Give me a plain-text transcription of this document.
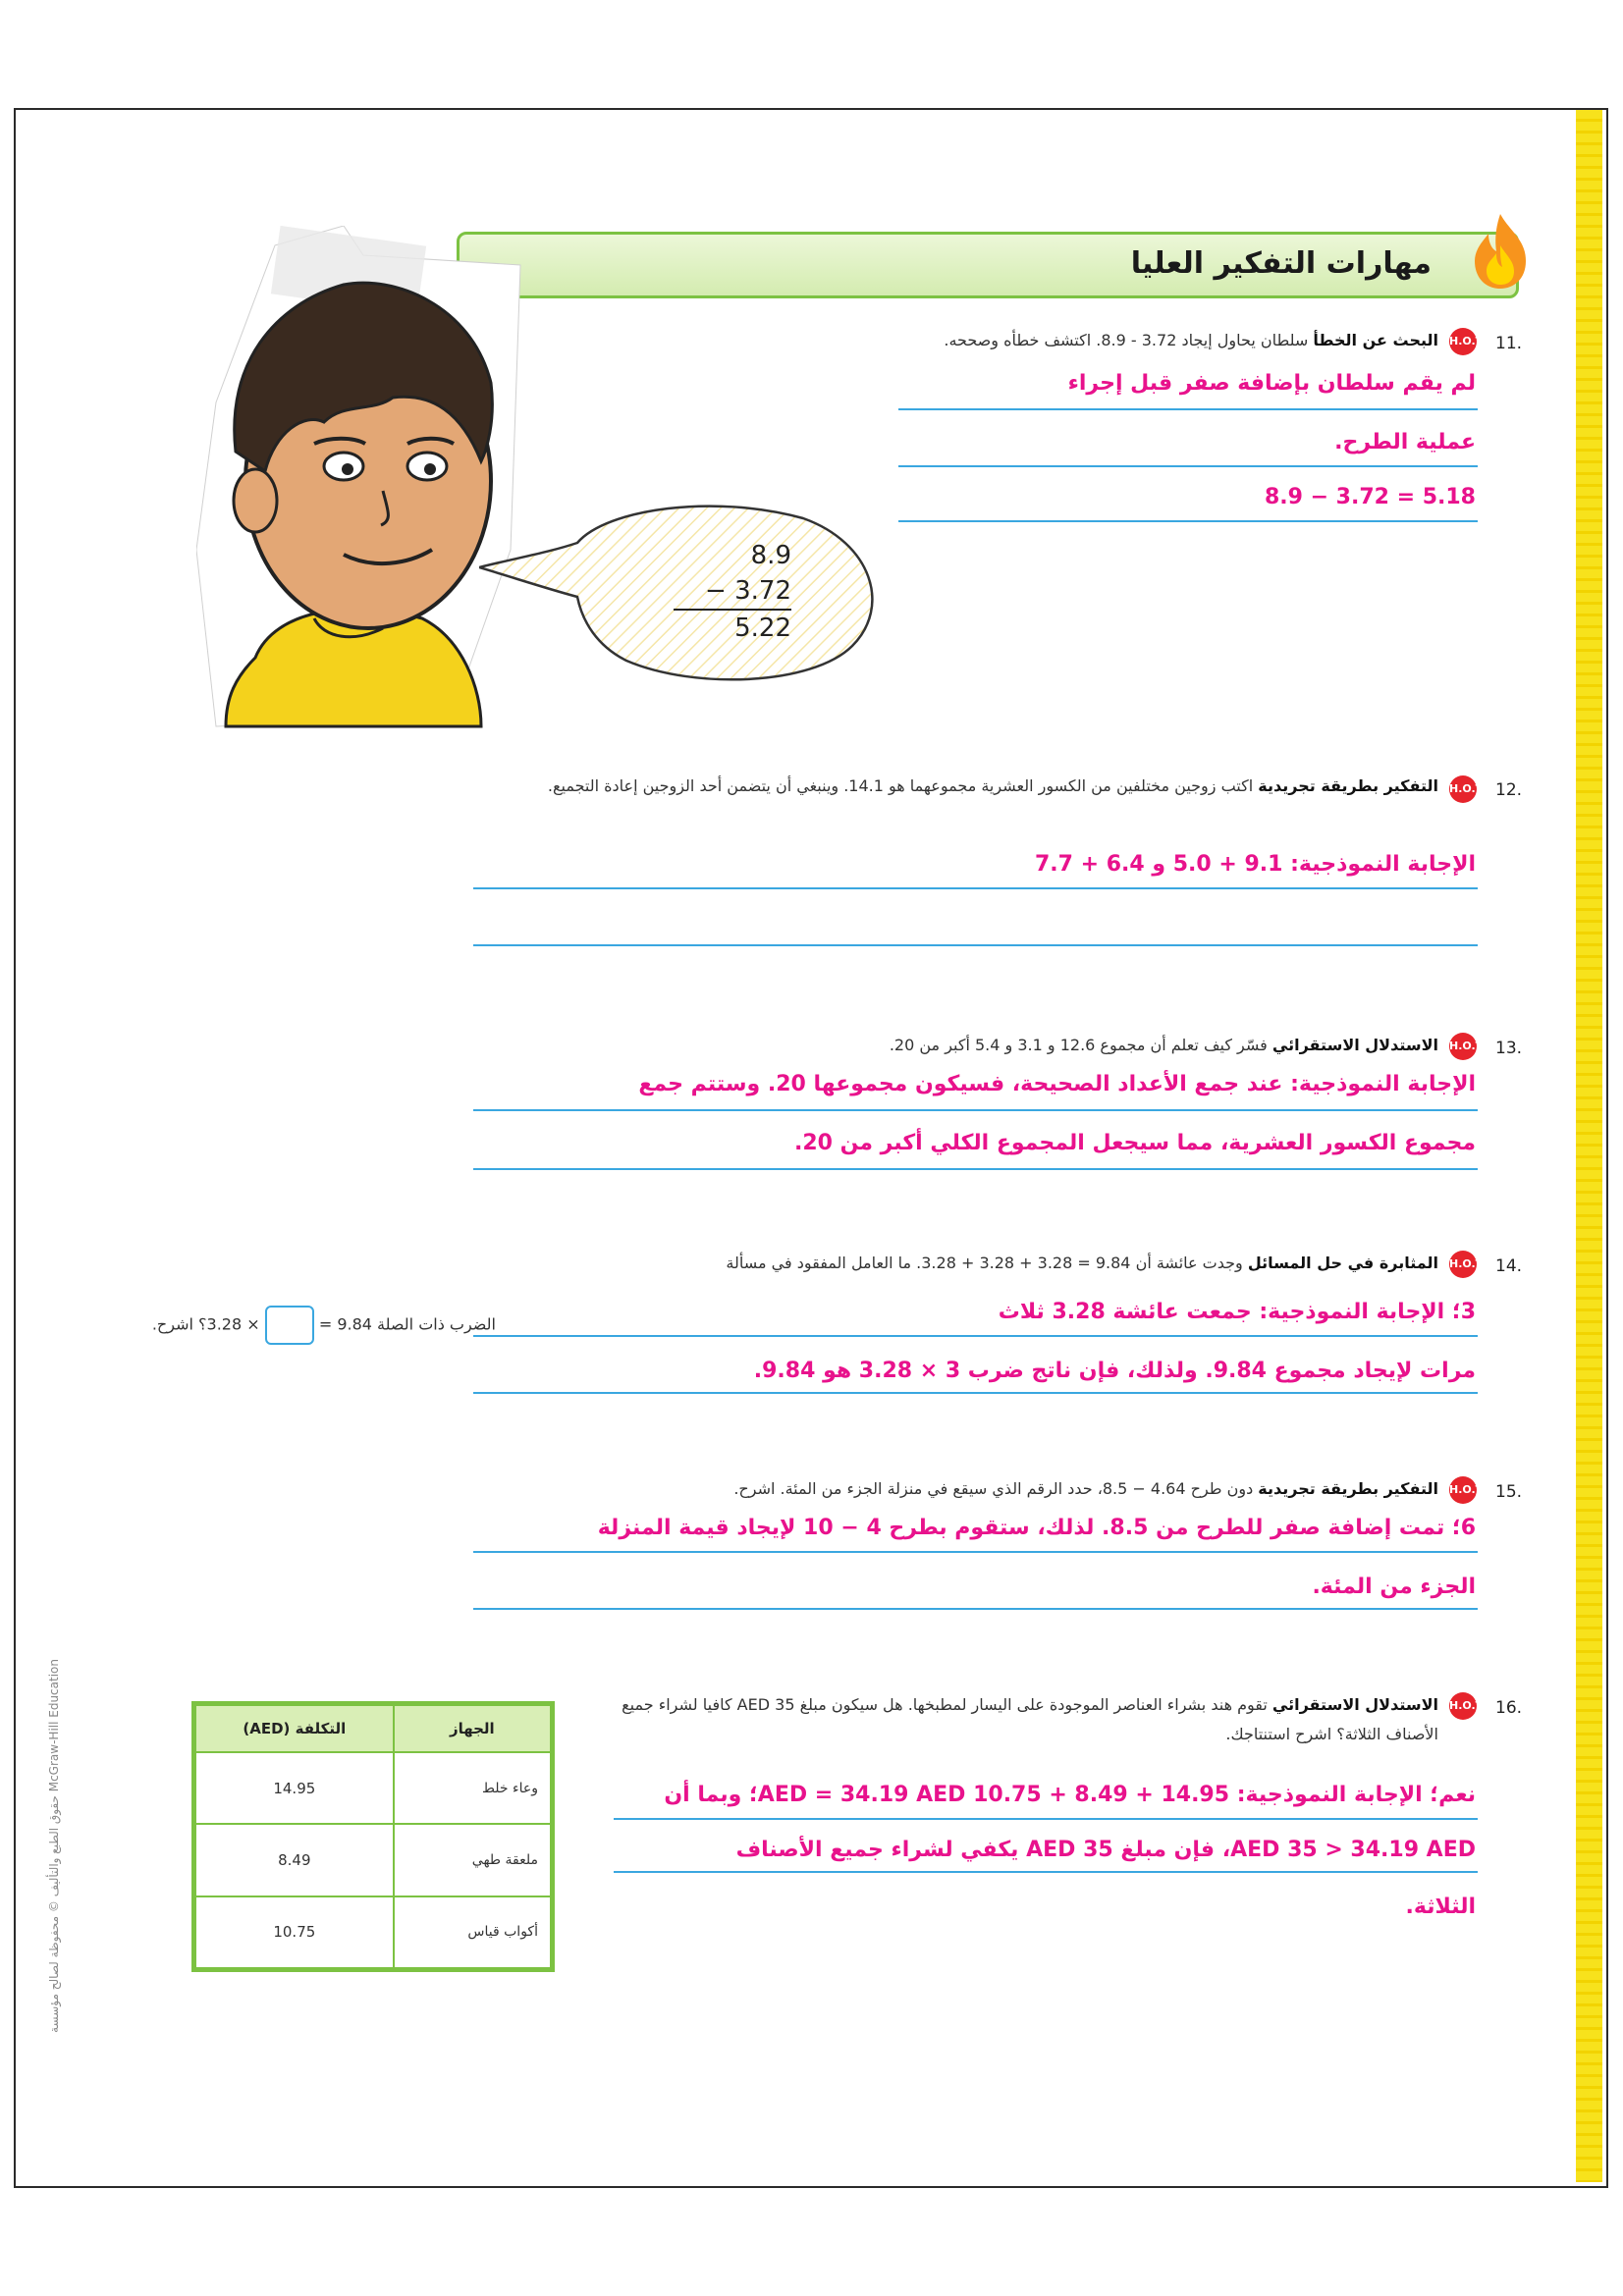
McGraw-Hill Education حقوق الطبع والتأليف © محفوظة لصالح مؤسسة
مهارات التفكير العليا
8.9
− 3.72
5.22
11.
H.O.T.
البحث عن الخطأ سلطان يحاول إيجاد 3.72 - 8.9. اكتشف خطأه وصححه.
لم يقم سلطان بإضافة صفر قبل إجراء
عملية الطرح.
8.9 − 3.72 = 5.18
12.
H.O.T.
التفكير بطريقة تجريدية اكتب زوجين مختلفين من الكسور العشرية مجموعهما هو 14.1. وينبغي أن يتضمن أحد الزوجين إعادة التجميع.
الإجابة النموذجية: 9.1 + 5.0 و 6.4 + 7.7
13.
H.O.T.
الاستدلال الاستقرائي فسّر كيف تعلم أن مجموع 12.6 و 3.1 و 5.4 أكبر من 20.
الإجابة النموذجية: عند جمع الأعداد الصحيحة، فسيكون مجموعها 20. وستتم جمع
مجموع الكسور العشرية، مما سيجعل المجموع الكلي أكبر من 20.
14.
H.O.T.
المثابرة في حل المسائل وجدت عائشة أن 9.84 = 3.28 + 3.28 + 3.28. ما العامل المفقود في مسألة
الضرب ذات الصلة 9.84 =  × 3.28؟ اشرح.	3؛ الإجابة النموذجية: جمعت عائشة 3.28 ثلاث
مرات لإيجاد مجموع 9.84. ولذلك، فإن ناتج ضرب 3 × 3.28 هو 9.84.
15.
H.O.T.
التفكير بطريقة تجريدية دون طرح 4.64 − 8.5، حدد الرقم الذي سيقع في منزلة الجزء من المئة. اشرح.
6؛ تمت إضافة صفر للطرح من 8.5. لذلك، ستقوم بطرح 4 − 10 لإيجاد قيمة المنزلة
الجزء من المئة.
16.
H.O.T.
الاستدلال الاستقرائي تقوم هند بشراء العناصر الموجودة على اليسار لمطبخها. هل سيكون مبلغ AED 35 كافيا لشراء جميع الأصناف الثلاثة؟ اشرح استنتاجك.
نعم؛ الإجابة النموذجية: AED = 34.19 AED 10.75 + 8.49 + 14.95؛ وبما أن
AED 35 > 34.19 AED، فإن مبلغ AED 35 يكفي لشراء جميع الأصناف
الثلاثة.
الجهاز	التكلفة (AED)
وعاء خلط	14.95
ملعقة طهي	8.49
أكواب قياس	10.75
